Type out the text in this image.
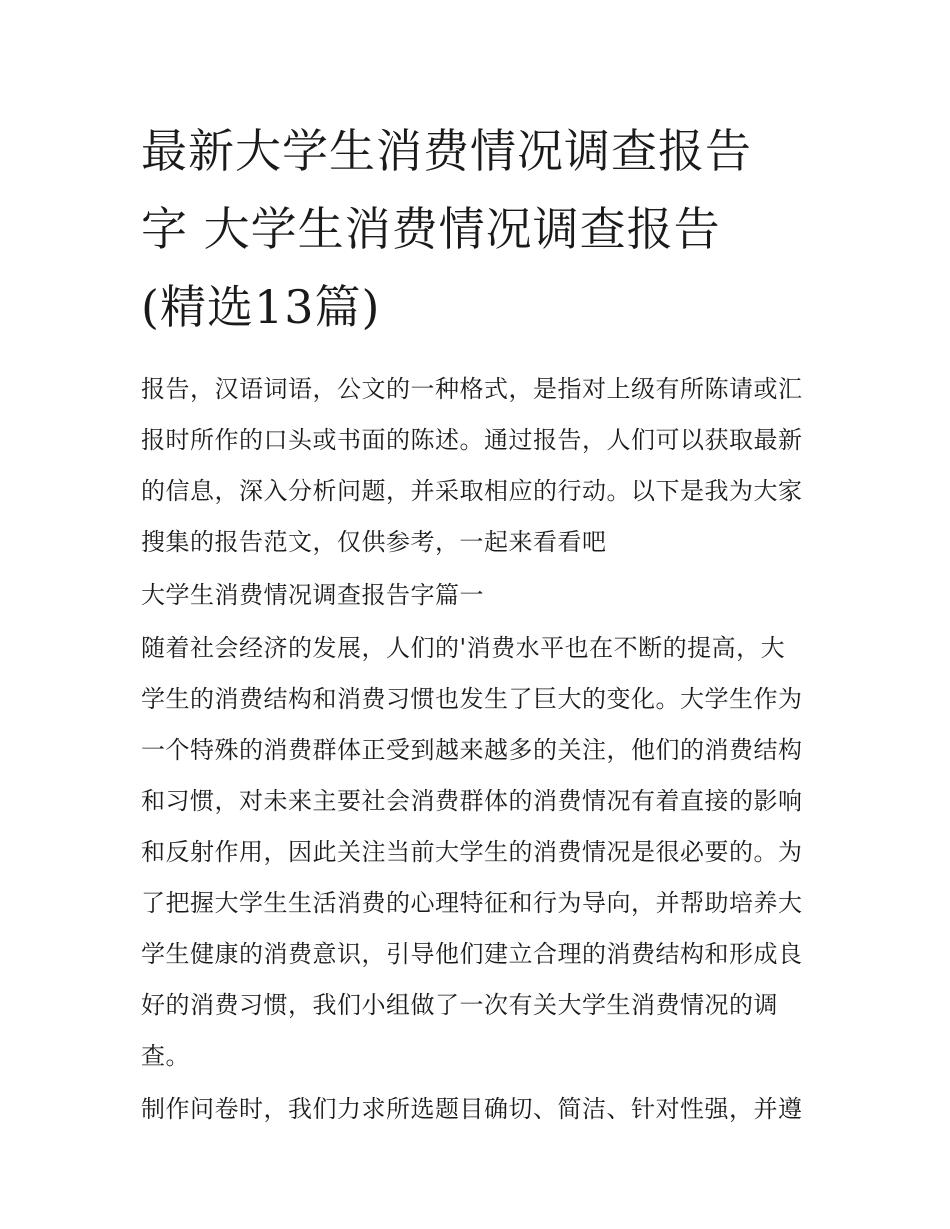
最新大学生消费情况调查报告
字 大学生消费情况调查报告
(精选13篇)

报告，汉语词语，公文的一种格式，是指对上级有所陈请或汇
报时所作的口头或书面的陈述。通过报告，人们可以获取最新
的信息，深入分析问题，并采取相应的行动。以下是我为大家
搜集的报告范文，仅供参考，一起来看看吧

大学生消费情况调查报告字篇一

随着社会经济的发展，人们的'消费水平也在不断的提高，大
学生的消费结构和消费习惯也发生了巨大的变化。大学生作为
一个特殊的消费群体正受到越来越多的关注，他们的消费结构
和习惯，对未来主要社会消费群体的消费情况有着直接的影响
和反射作用，因此关注当前大学生的消费情况是很必要的。为
了把握大学生生活消费的心理特征和行为导向，并帮助培养大
学生健康的消费意识，引导他们建立合理的消费结构和形成良
好的消费习惯，我们小组做了一次有关大学生消费情况的调
查。

制作问卷时，我们力求所选题目确切、简洁、针对性强，并遵
